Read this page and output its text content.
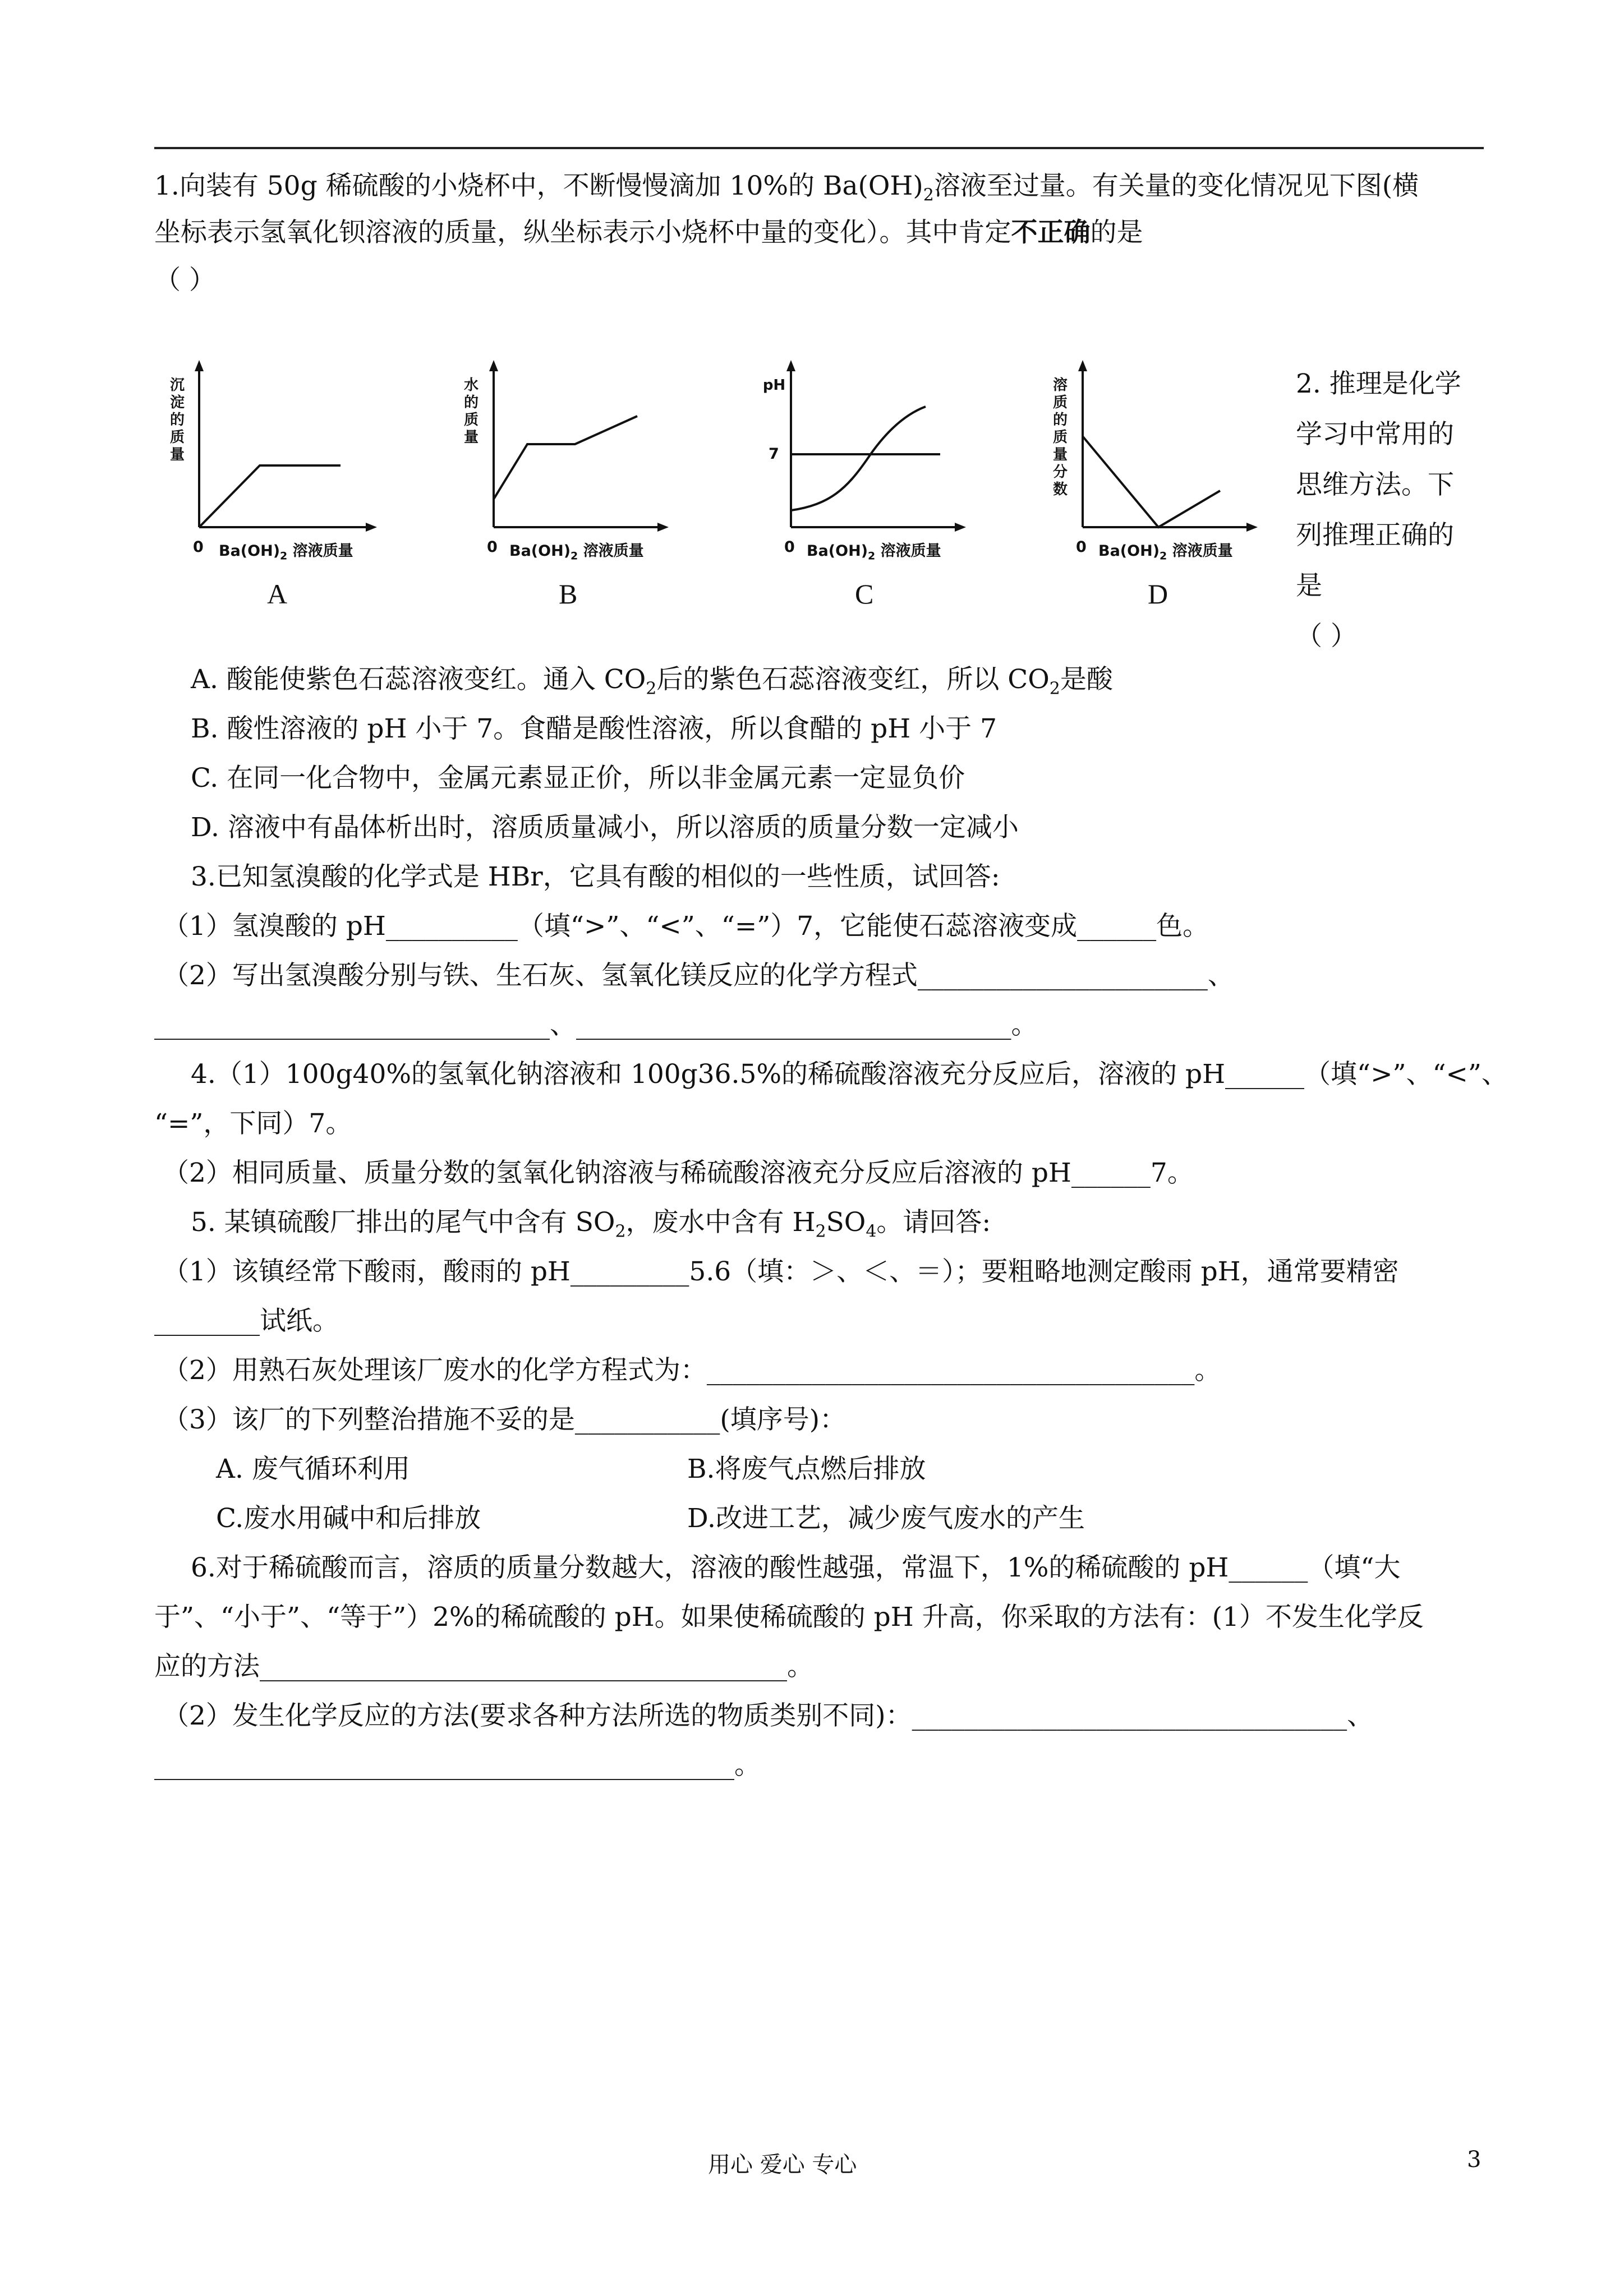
1.向装有 50g 稀硫酸的小烧杯中，不断慢慢滴加 10%的 $Ba(OH)_2$溶液至过量。有关量的变化情况见下图(横
坐标表示氢氧化钡溶液的质量，纵坐标表示小烧杯中量的变化）。其中肯定不正确的是
（ ）
沉淀的质量
0 $Ba(OH)_2$ 溶液质量
A
水的质量
0 $Ba(OH)_2$ 溶液质量
B
pH
7
0 $Ba(OH)_2$ 溶液质量
C
溶质的质量分数
0 $Ba(OH)_2$ 溶液质量
D
2. 推理是化学
学习中常用的
思维方法。下
列推理正确的
是
（ ）
A. 酸能使紫色石蕊溶液变红。通入 $CO_2$后的紫色石蕊溶液变红，所以 $CO_2$是酸
B. 酸性溶液的 pH 小于 7。食醋是酸性溶液，所以食醋的 pH 小于 7
C. 在同一化合物中，金属元素显正价，所以非金属元素一定显负价
D. 溶液中有晶体析出时，溶质质量减小，所以溶质的质量分数一定减小
3.已知氢溴酸的化学式是 HBr，它具有酸的相似的一些性质，试回答:
（1）氢溴酸的 pH__________（填“>”、“<”、“=”）7，它能使石蕊溶液变成______色。
（2）写出氢溴酸分别与铁、生石灰、氢氧化镁反应的化学方程式______________________、
______________________________、_________________________________。
4.（1）100g40%的氢氧化钠溶液和 100g36.5%的稀硫酸溶液充分反应后，溶液的 pH______（填“>”、“<”、
“=”，下同）7。
（2）相同质量、质量分数的氢氧化钠溶液与稀硫酸溶液充分反应后溶液的 pH______7。
5. 某镇硫酸厂排出的尾气中含有 $SO_2$，废水中含有 $H_2SO_4$。请回答:
（1）该镇经常下酸雨，酸雨的 pH_________5.6（填：＞、＜、＝）；要粗略地测定酸雨 pH，通常要精密
________试纸。
（2）用熟石灰处理该厂废水的化学方程式为：_____________________________________。
（3）该厂的下列整治措施不妥的是___________(填序号)：
A. 废气循环利用	B.将废气点燃后排放
C.废水用碱中和后排放	D.改进工艺，减少废气废水的产生
6.对于稀硫酸而言，溶质的质量分数越大，溶液的酸性越强，常温下，1%的稀硫酸的 pH______（填“大
于”、“小于”、“等于”）2%的稀硫酸的 pH。如果使稀硫酸的 pH 升高，你采取的方法有：(1）不发生化学反
应的方法________________________________________。
（2）发生化学反应的方法(要求各种方法所选的物质类别不同)：_________________________________、
____________________________________________。
用心 爱心 专心	3
